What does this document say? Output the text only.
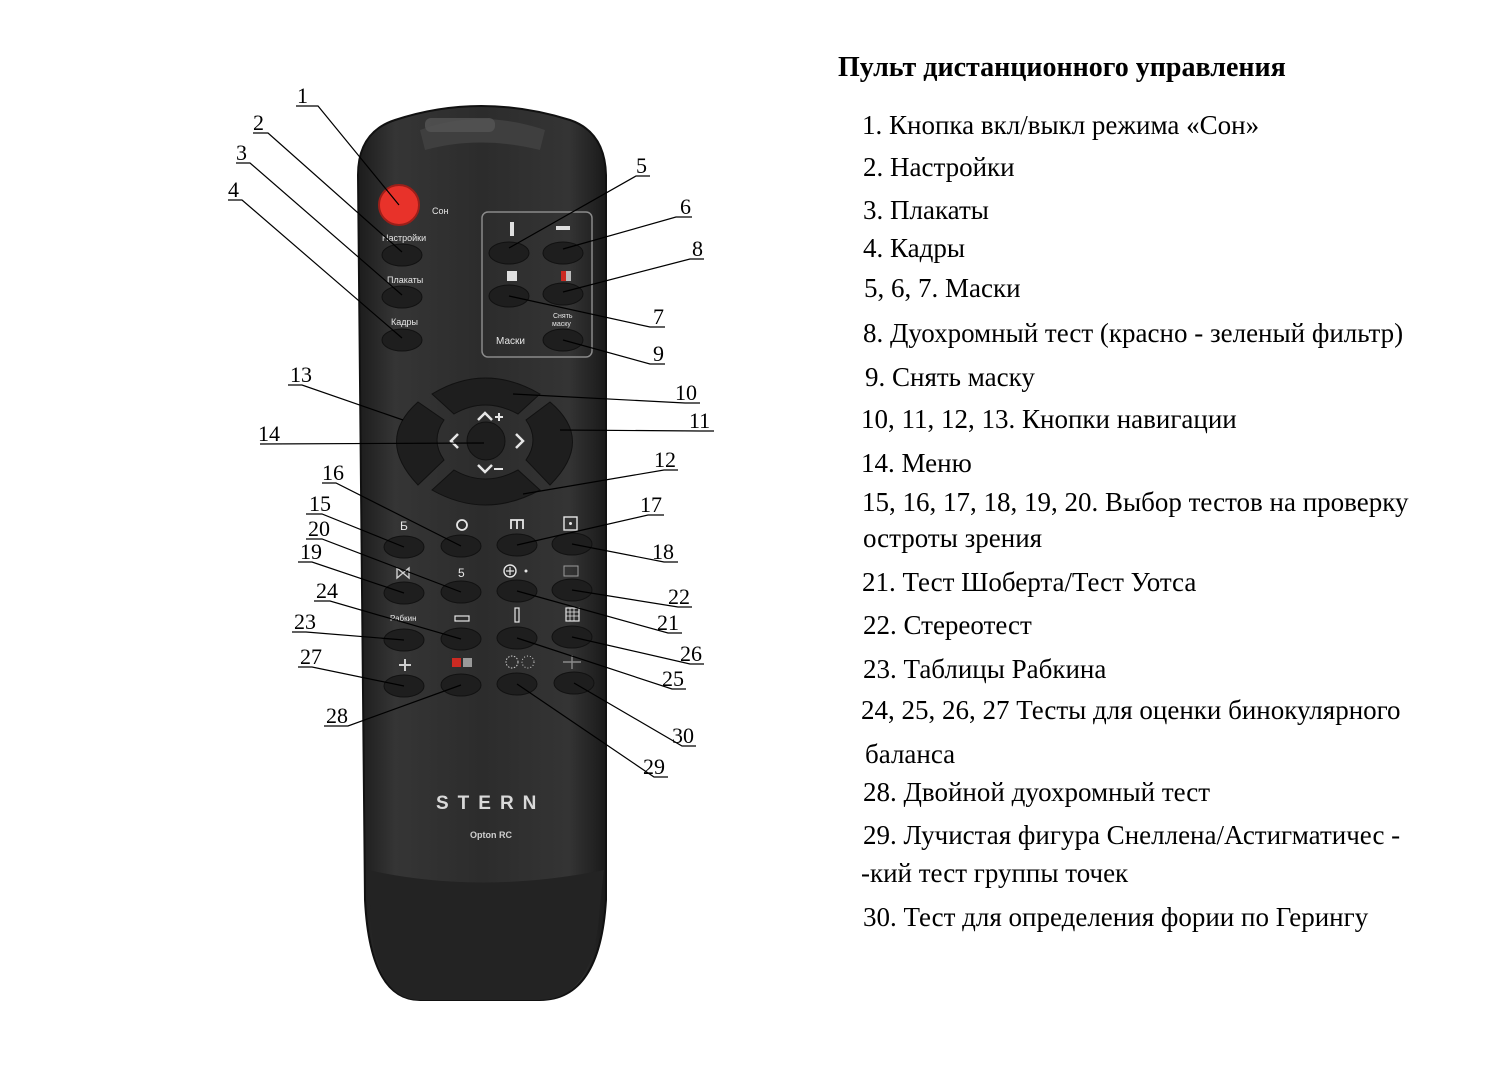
Сон
Настройки
Плакаты
Кадры
Маски
Снять
маску
Б
5
Рабкин
STERN
Opton RC
1
2
3
4
5
6
7
8
9
10
11
12
13
14
15
16
17
18
19
20
21
22
23
24
25
26
27
28
29
30
Пульт дистанционного управления
1. Кнопка вкл/выкл режима «Сон»
2. Настройки
3. Плакаты
4. Кадры
5, 6, 7. Маски
8. Дуохромный тест (красно - зеленый фильтр)
9. Снять маску
10, 11, 12, 13. Кнопки навигации
14. Меню
15, 16, 17, 18, 19, 20. Выбор тестов на проверку
остроты зрения
21. Тест Шоберта/Тест Уотса
22. Стереотест
23. Таблицы Рабкина
24, 25, 26, 27 Тесты для оценки бинокулярного
баланса
28. Двойной дуохромный тест
29. Лучистая фигура Снеллена/Астигматичес -
-кий тест группы точек
30. Тест для определения фории по Герингу
